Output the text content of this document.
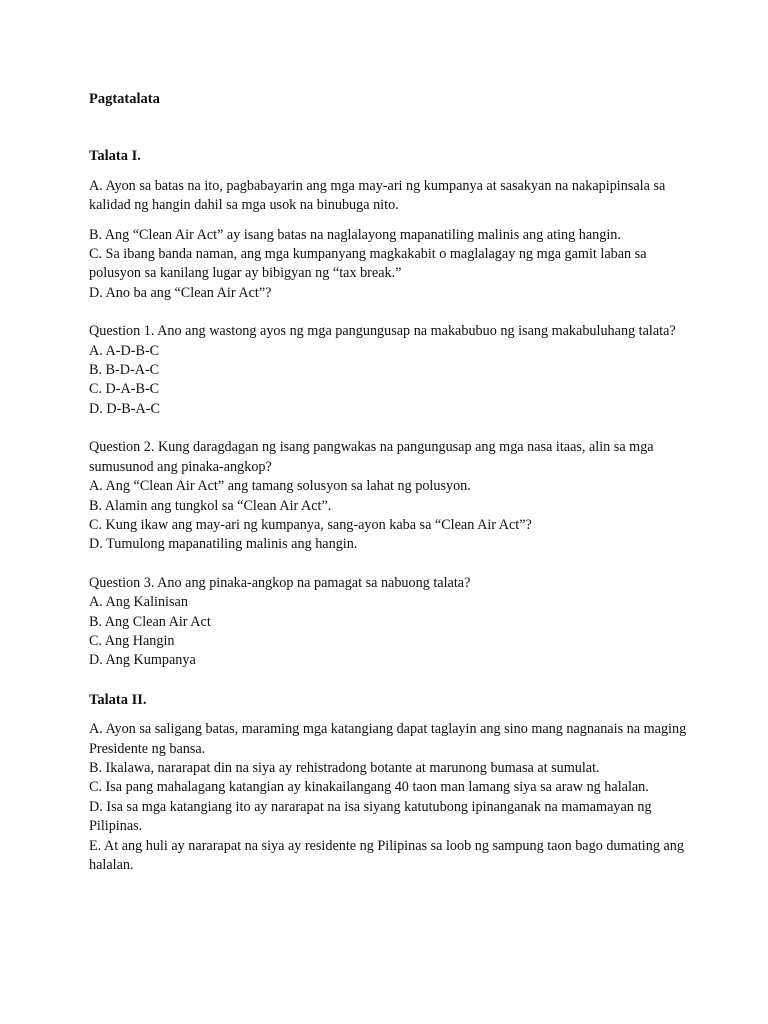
Pagtatalata
Talata I.

A. Ayon sa batas na ito, pagbabayarin ang mga may-ari ng kumpanya at sasakyan na nakapipinsala sa kalidad ng hangin dahil sa mga usok na binubuga nito.

B. Ang “Clean Air Act” ay isang batas na naglalayong mapanatiling malinis ang ating hangin.

C. Sa ibang banda naman, ang mga kumpanyang magkakabit o maglalagay ng mga gamit laban sa polusyon sa kanilang lugar ay bibigyan ng “tax break.”

D. Ano ba ang “Clean Air Act”?

Question 1. Ano ang wastong ayos ng mga pangungusap na makabubuo ng isang makabuluhang talata?

A. A-D-B-C
B. B-D-A-C
C. D-A-B-C
D. D-B-A-C

Question 2. Kung daragdagan ng isang pangwakas na pangungusap ang mga nasa itaas, alin sa mga sumusunod ang pinaka-angkop?

A. Ang “Clean Air Act” ang tamang solusyon sa lahat ng polusyon.
B. Alamin ang tungkol sa “Clean Air Act”.
C. Kung ikaw ang may-ari ng kumpanya, sang-ayon kaba sa “Clean Air Act”?
D. Tumulong mapanatiling malinis ang hangin.

Question 3. Ano ang pinaka-angkop na pamagat sa nabuong talata?

A. Ang Kalinisan
B. Ang Clean Air Act
C. Ang Hangin
D. Ang Kumpanya
Talata II.

A. Ayon sa saligang batas, maraming mga katangiang dapat taglayin ang sino mang nagnanais na maging Presidente ng bansa.

B. Ikalawa, nararapat din na siya ay rehistradong botante at marunong bumasa at sumulat.

C. Isa pang mahalagang katangian ay kinakailangang 40 taon man lamang siya sa araw ng halalan.

D. Isa sa mga katangiang ito ay nararapat na isa siyang katutubong ipinanganak na mamamayan ng Pilipinas.

E. At ang huli ay nararapat na siya ay residente ng Pilipinas sa loob ng sampung taon bago dumating ang halalan.
